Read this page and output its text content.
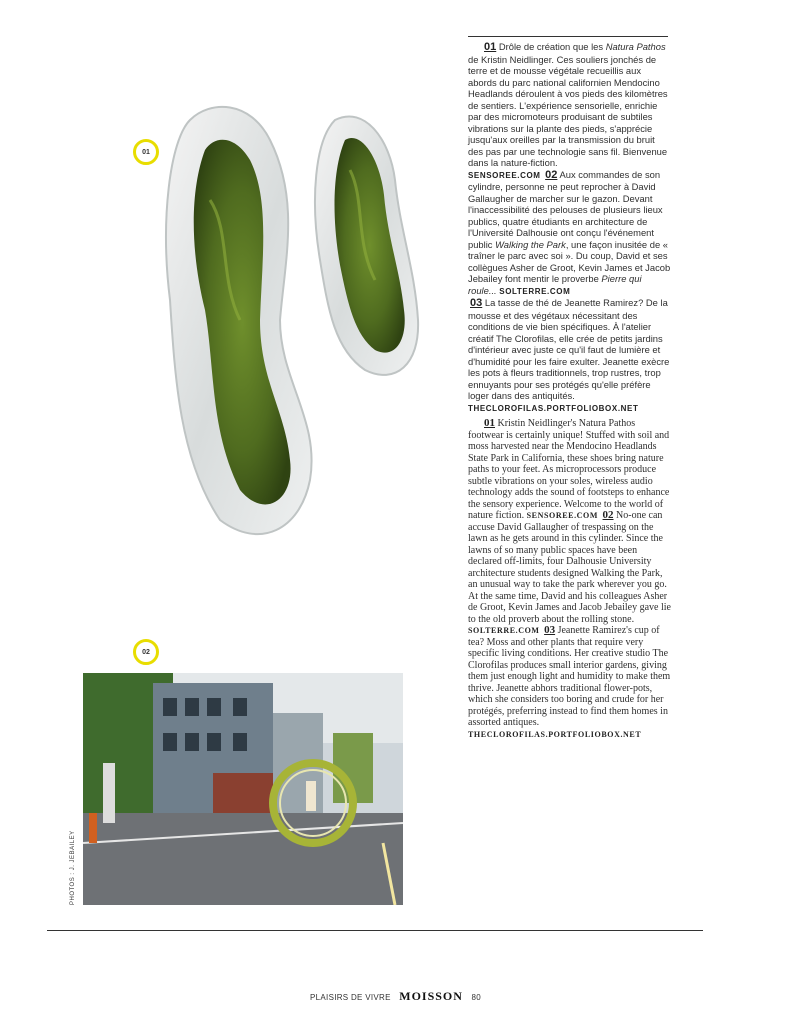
01
02
PHOTOS : J. JEBAILEY

01 Drôle de création que les Natura Pathos de Kristin Neidlinger. Ces souliers jonchés de terre et de mousse végétale recueillis aux abords du parc national californien Mendocino Headlands déroulent à vos pieds des kilomètres de sentiers. L'expérience sensorielle, enrichie par des micromoteurs produisant de subtiles vibrations sur la plante des pieds, s'apprécie jusqu'aux oreilles par la transmission du bruit des pas par une technologie sans fil. Bienvenue dans la nature-fiction.
SENSOREE.COM 02 Aux commandes de son cylindre, personne ne peut reprocher à David Gallaugher de marcher sur le gazon. Devant l'inaccessibilité des pelouses de plusieurs lieux publics, quatre étudiants en architecture de l'Université Dalhousie ont conçu l'événement public Walking the Park, une façon inusitée de « traîner le parc avec soi ». Du coup, David et ses collègues Asher de Groot, Kevin James et Jacob Jebailey font mentir le proverbe Pierre qui roule... SOLTERRE.COM
03 La tasse de thé de Jeanette Ramirez? De la mousse et des végétaux nécessitant des conditions de vie bien spécifiques. À l'atelier créatif The Clorofilas, elle crée de petits jardins d'intérieur avec juste ce qu'il faut de lumière et d'humidité pour les faire exulter. Jeanette exècre les pots à fleurs traditionnels, trop rustres, trop ennuyants pour ses protégés qu'elle préfère loger dans des antiquités.
THECLOROFILAS.PORTFOLIOBOX.NET

01 Kristin Neidlinger's Natura Pathos footwear is certainly unique! Stuffed with soil and moss harvested near the Mendocino Headlands State Park in California, these shoes bring nature paths to your feet. As microprocessors produce subtle vibrations on your soles, wireless audio technology adds the sound of footsteps to enhance the sensory experience. Welcome to the world of nature fiction. SENSOREE.COM 02 No-one can accuse David Gallaugher of trespassing on the lawn as he gets around in this cylinder. Since the lawns of so many public spaces have been declared off-limits, four Dalhousie University architecture students designed Walking the Park, an unusual way to take the park wherever you go. At the same time, David and his colleagues Asher de Groot, Kevin James and Jacob Jebailey gave lie to the old proverb about the rolling stone. SOLTERRE.COM 03 Jeanette Ramirez's cup of tea? Moss and other plants that require very specific living conditions. Her creative studio The Clorofilas produces small interior gardens, giving them just enough light and humidity to make them thrive. Jeanette abhors traditional flower-pots, which she considers too boring and crude for her protégés, preferring instead to find them homes in assorted antiques.
THECLOROFILAS.PORTFOLIOBOX.NET

PLAISIRS DE VIVRE MOISSON 80
